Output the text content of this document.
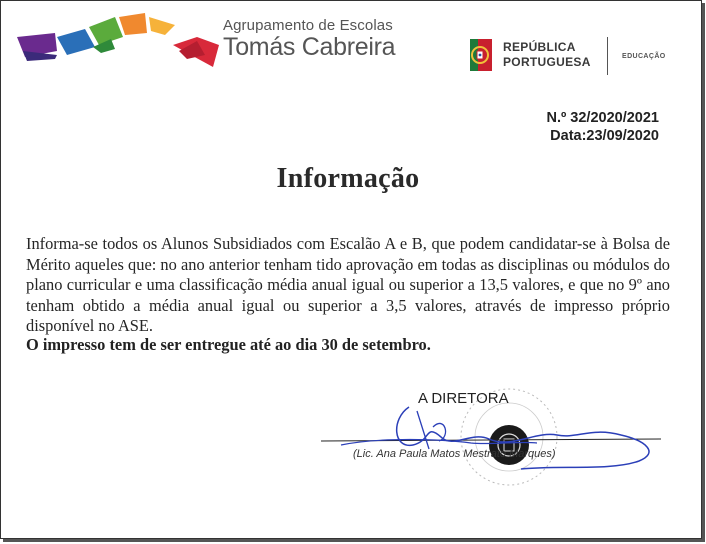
Agrupamento de Escolas
Tomás Cabreira	REPÚBLICA
PORTUGUESA	EDUCAÇÃO
N.º 32/2020/2021
Data:23/09/2020
Informação
Informa-se todos os Alunos Subsidiados com Escalão A e B, que podem candidatar-se à Bolsa de Mérito aqueles que: no ano anterior tenham tido aprovação em todas as disciplinas ou módulos do plano curricular e uma classificação média anual igual ou superior a 13,5 valores, e que no 9º ano tenham obtido a média anual igual ou superior a 3,5 valores, através de impresso próprio disponível no ASE.
O impresso tem de ser entregue até ao dia 30 de setembro.
A DIRETORA
(Lic. Ana Paula Matos Mestrato Marques)
